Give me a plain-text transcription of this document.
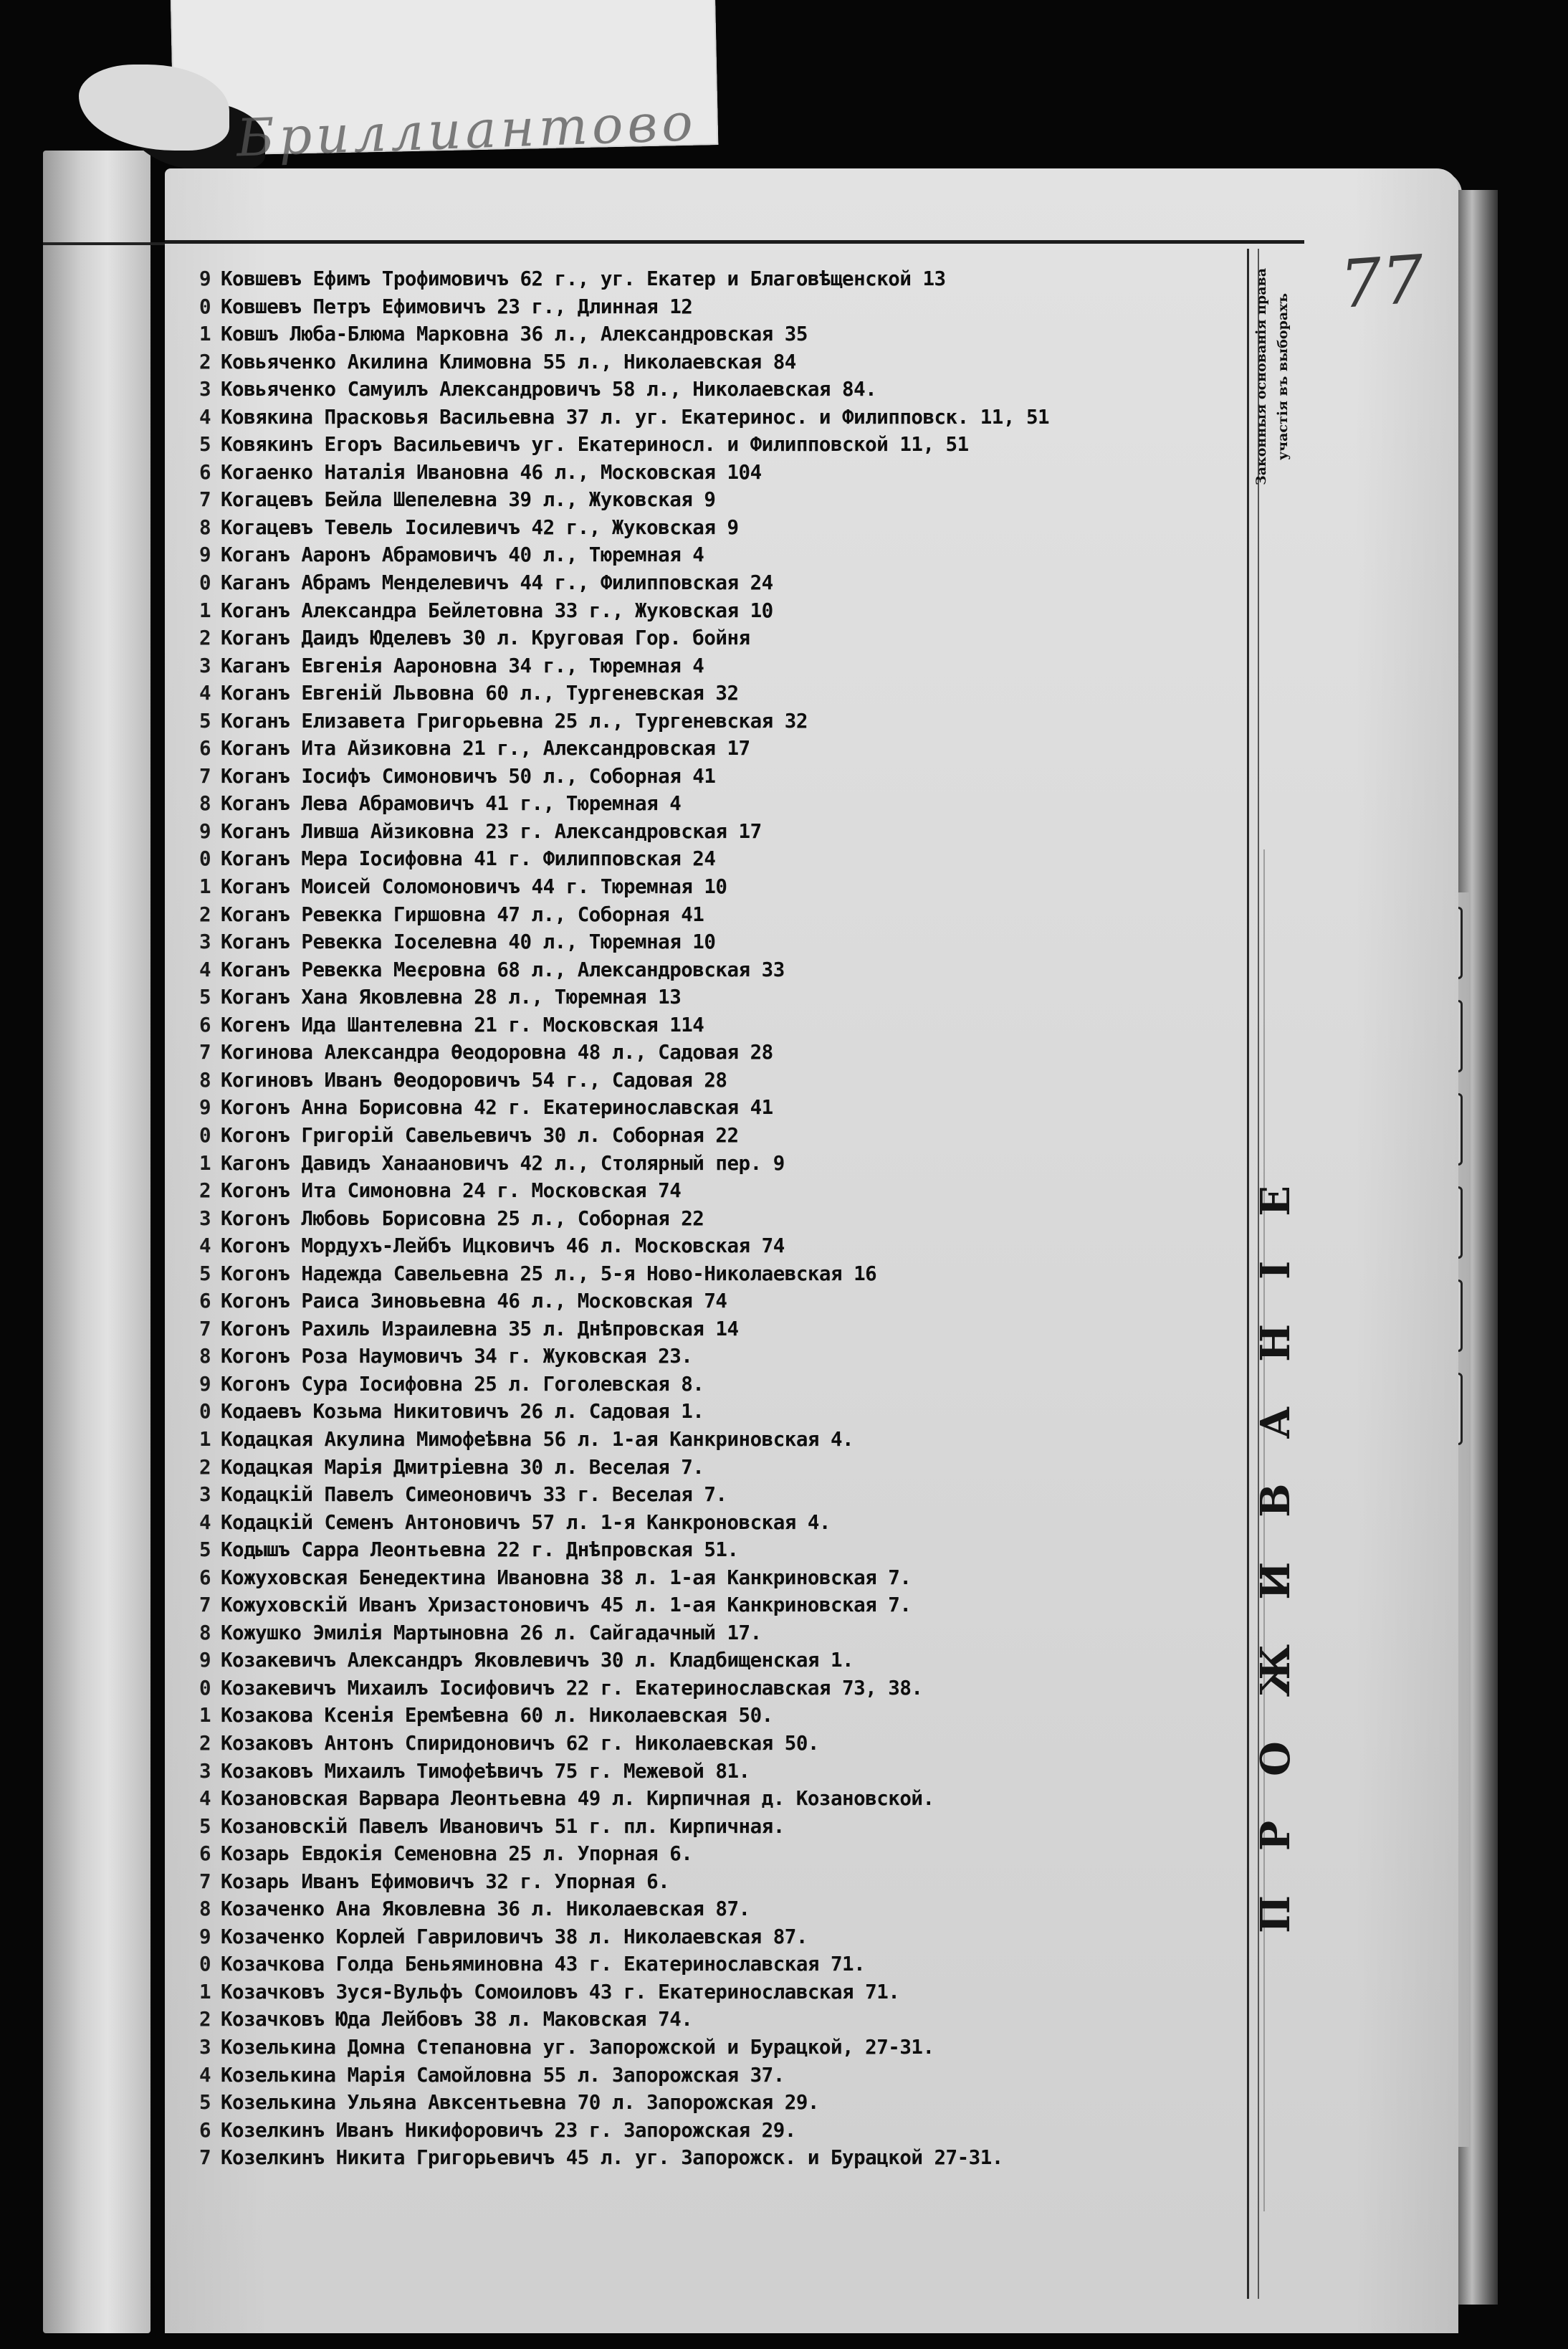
Бриллиантово
77
Законныя основанія права участія въ выборахъ
ПРОЖИВАНІЕ
9 Ковшевъ Ефимъ Трофимовичъ 62 г., уг. Екатер и Благовѣщенской 13
0 Ковшевъ Петръ Ефимовичъ 23 г., Длинная 12
1 Ковшъ Люба-Блюма Марковна 36 л., Александровская 35
2 Ковьяченко Акилина Климовна 55 л., Николаевская 84
3 Ковьяченко Самуилъ Александровичъ 58 л., Николаевская 84.
4 Ковякина Прасковья Васильевна 37 л. уг. Екатеринос. и Филипповск. 11, 51
5 Ковякинъ Егоръ Васильевичъ уг. Екатериносл. и Филипповской 11, 51
6 Когаенко Наталія Ивановна 46 л., Московская 104
7 Когацевъ Бейла Шепелевна 39 л., Жуковская 9
8 Когацевъ Тевель Іосилевичъ 42 г., Жуковская 9
9 Коганъ Ааронъ Абрамовичъ 40 л., Тюремная 4
0 Каганъ Абрамъ Менделевичъ 44 г., Филипповская 24
1 Коганъ Александра Бейлетовна 33 г., Жуковская 10
2 Коганъ Даидъ Юделевъ 30 л. Круговая Гор. бойня
3 Каганъ Евгенія Аароновна 34 г., Тюремная 4
4 Коганъ Евгеній Львовна 60 л., Тургеневская 32
5 Коганъ Елизавета Григорьевна 25 л., Тургеневская 32
6 Коганъ Ита Айзиковна 21 г., Александровская 17
7 Коганъ Іосифъ Симоновичъ 50 л., Соборная 41
8 Коганъ Лева Абрамовичъ 41 г., Тюремная 4
9 Коганъ Ливша Айзиковна 23 г. Александровская 17
0 Коганъ Мера Іосифовна 41 г. Филипповская 24
1 Коганъ Моисей Соломоновичъ 44 г. Тюремная 10
2 Коганъ Ревекка Гиршовна 47 л., Соборная 41
3 Коганъ Ревекка Іоселевна 40 л., Тюремная 10
4 Коганъ Ревекка Меєровна 68 л., Александровская 33
5 Коганъ Хана Яковлевна 28 л., Тюремная 13
6 Когенъ Ида Шантелевна 21 г. Московская 114
7 Когинова Александра Ѳеодоровна 48 л., Садовая 28
8 Когиновъ Иванъ Ѳеодоровичъ 54 г., Садовая 28
9 Когонъ Анна Борисовна 42 г. Екатеринославская 41
0 Когонъ Григорій Савельевичъ 30 л. Соборная 22
1 Кагонъ Давидъ Ханаановичъ 42 л., Столярный пер. 9
2 Когонъ Ита Симоновна 24 г. Московская 74
3 Когонъ Любовь Борисовна 25 л., Соборная 22
4 Когонъ Мордухъ-Лейбъ Ицковичъ 46 л. Московская 74
5 Когонъ Надежда Савельевна 25 л., 5-я Ново-Николаевская 16
6 Когонъ Раиса Зиновьевна 46 л., Московская 74
7 Когонъ Рахиль Израилевна 35 л. Днѣпровская 14
8 Когонъ Роза Наумовичъ 34 г. Жуковская 23.
9 Когонъ Сура Іосифовна 25 л. Гоголевская 8.
0 Кодаевъ Козьма Никитовичъ 26 л. Садовая 1.
1 Кодацкая Акулина Мимофеѣвна 56 л. 1-ая Канкриновская 4.
2 Кодацкая Марія Дмитріевна 30 л. Веселая 7.
3 Кодацкій Павелъ Симеоновичъ 33 г. Веселая 7.
4 Кодацкій Семенъ Антоновичъ 57 л. 1-я Канкроновская 4.
5 Кодышъ Сарра Леонтьевна 22 г. Днѣпровская 51.
6 Кожуховская Бенедектина Ивановна 38 л. 1-ая Канкриновская 7.
7 Кожуховскій Иванъ Хризастоновичъ 45 л. 1-ая Канкриновская 7.
8 Кожушко Эмилія Мартыновна 26 л. Сайгадачный 17.
9 Козакевичъ Александръ Яковлевичъ 30 л. Кладбищенская 1.
0 Козакевичъ Михаилъ Іосифовичъ 22 г. Екатеринославская 73, 38.
1 Козакова Ксенія Еремѣевна 60 л. Николаевская 50.
2 Козаковъ Антонъ Спиридоновичъ 62 г. Николаевская 50.
3 Козаковъ Михаилъ Тимофеѣвичъ 75 г. Межевой 81.
4 Козановская Варвара Леонтьевна 49 л. Кирпичная д. Козановской.
5 Козановскій Павелъ Ивановичъ 51 г. пл. Кирпичная.
6 Козарь Евдокія Семеновна 25 л. Упорная 6.
7 Козарь Иванъ Ефимовичъ 32 г. Упорная 6.
8 Козаченко Ана Яковлевна 36 л. Николаевская 87.
9 Козаченко Корлей Гавриловичъ 38 л. Николаевская 87.
0 Козачкова Голда Беньяминовна 43 г. Екатеринославская 71.
1 Козачковъ Зуся-Вульфъ Сомоиловъ 43 г. Екатеринославская 71.
2 Козачковъ Юда Лейбовъ 38 л. Маковская 74.
3 Козелькина Домна Степановна уг. Запорожской и Бурацкой, 27-31.
4 Козелькина Марія Самойловна 55 л. Запорожская 37.
5 Козелькина Ульяна Авксентьевна 70 л. Запорожская 29.
6 Козелкинъ Иванъ Никифоровичъ 23 г. Запорожская 29.
7 Козелкинъ Никита Григорьевичъ 45 л. уг. Запорожск. и Бурацкой 27-31.
